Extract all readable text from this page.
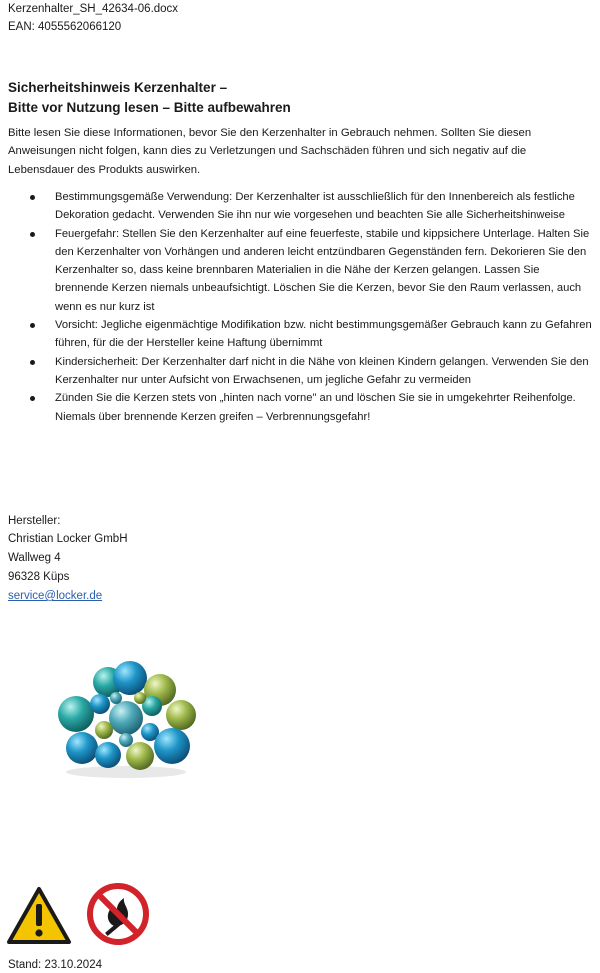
Kerzenhalter_SH_42634-06.docx
EAN: 4055562066120
Sicherheitshinweis Kerzenhalter –
Bitte vor Nutzung lesen – Bitte aufbewahren
Bitte lesen Sie diese Informationen, bevor Sie den Kerzenhalter in Gebrauch nehmen. Sollten Sie diesen Anweisungen nicht folgen, kann dies zu Verletzungen und Sachschäden führen und sich negativ auf die Lebensdauer des Produkts auswirken.
Bestimmungsgemäße Verwendung: Der Kerzenhalter ist ausschließlich für den Innenbereich als festliche Dekoration gedacht. Verwenden Sie ihn nur wie vorgesehen und beachten Sie alle Sicherheitshinweise
Feuergefahr: Stellen Sie den Kerzenhalter auf eine feuerfeste, stabile und kippsichere Unterlage. Halten Sie den Kerzenhalter von Vorhängen und anderen leicht entzündbaren Gegenständen fern. Dekorieren Sie den Kerzenhalter so, dass keine brennbaren Materialien in die Nähe der Kerzen gelangen. Lassen Sie brennende Kerzen niemals unbeaufsichtigt. Löschen Sie die Kerzen, bevor Sie den Raum verlassen, auch wenn es nur kurz ist
Vorsicht: Jegliche eigenmächtige Modifikation bzw. nicht bestimmungsgemäßer Gebrauch kann zu Gefahren führen, für die der Hersteller keine Haftung übernimmt
Kindersicherheit: Der Kerzenhalter darf nicht in die Nähe von kleinen Kindern gelangen. Verwenden Sie den Kerzenhalter nur unter Aufsicht von Erwachsenen, um jegliche Gefahr zu vermeiden
Zünden Sie die Kerzen stets von „hinten nach vorne" an und löschen Sie sie in umgekehrter Reihenfolge. Niemals über brennende Kerzen greifen – Verbrennungsgefahr!
Hersteller:
Christian Locker GmbH
Wallweg 4
96328 Küps
service@locker.de
Stand: 23.10.2024
